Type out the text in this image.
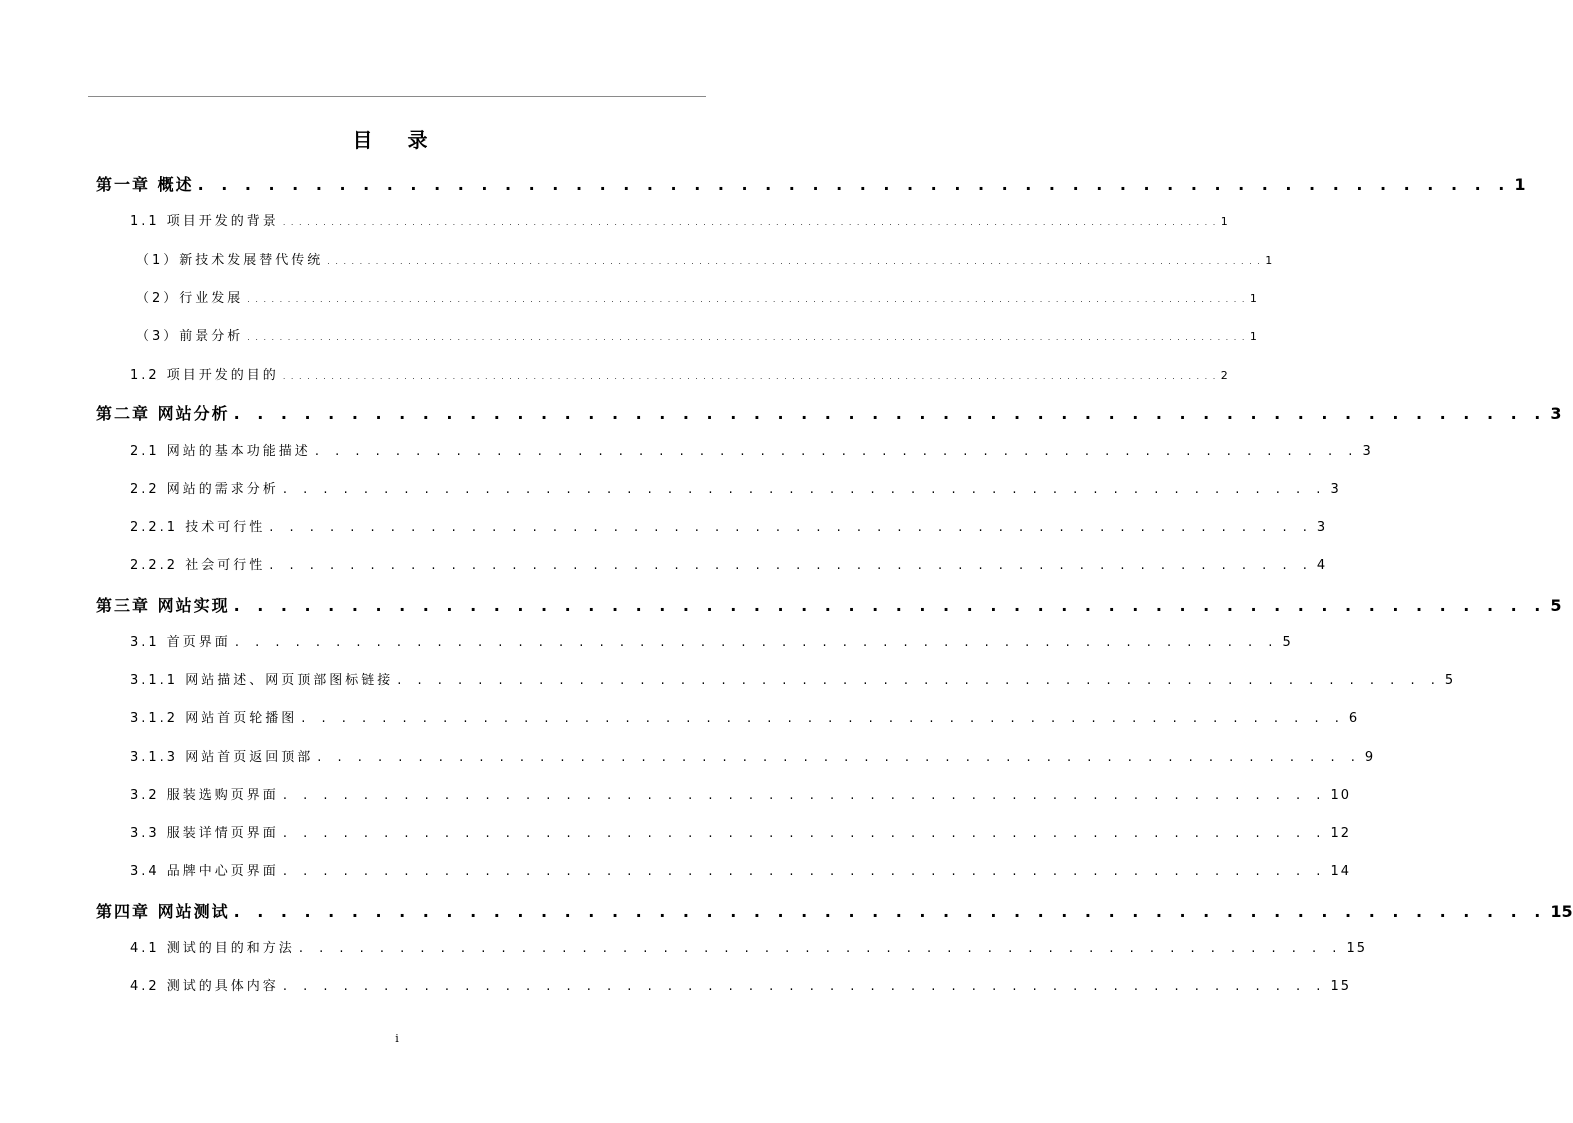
目 录
第一章 概述 . . . . . . . . . . . . . . . . . . . . . . . . . . . . . . . . . . . . . . . . . . . . . . . . . . . . . . . . 1
1.1 项目开发的背景 . . . . . . . . . . . . . . . . . . . . . . . . . . . . . . . . . . . . . . . . . . . . . . . . . . . . . . . . . . . . . . . . . . . . . . . . . . . . . . . . . . . . . . . . . . . . . . . . . . . . . . . . . . . . . . . . . . . . 1
（1）新技术发展替代传统 . . . . . . . . . . . . . . . . . . . . . . . . . . . . . . . . . . . . . . . . . . . . . . . . . . . . . . . . . . . . . . . . . . . . . . . . . . . . . . . . . . . . . . . . . . . . . . . . . . . . . . . . . . . . . . . . . . . . 1
（2）行业发展 . . . . . . . . . . . . . . . . . . . . . . . . . . . . . . . . . . . . . . . . . . . . . . . . . . . . . . . . . . . . . . . . . . . . . . . . . . . . . . . . . . . . . . . . . . . . . . . . . . . . . . . . . . . . . . . . . . . . . . . . . . . . 1
（3）前景分析 . . . . . . . . . . . . . . . . . . . . . . . . . . . . . . . . . . . . . . . . . . . . . . . . . . . . . . . . . . . . . . . . . . . . . . . . . . . . . . . . . . . . . . . . . . . . . . . . . . . . . . . . . . . . . . . . . . . . . . . . . . . . 1
1.2 项目开发的目的 . . . . . . . . . . . . . . . . . . . . . . . . . . . . . . . . . . . . . . . . . . . . . . . . . . . . . . . . . . . . . . . . . . . . . . . . . . . . . . . . . . . . . . . . . . . . . . . . . . . . . . . . . . . . . . . . . . . . 2
第二章 网站分析 . . . . . . . . . . . . . . . . . . . . . . . . . . . . . . . . . . . . . . . . . . . . . . . . . . . . . . . . 3
2.1 网站的基本功能描述 . . . . . . . . . . . . . . . . . . . . . . . . . . . . . . . . . . . . . . . . . . . . . . . . . . . . 3
2.2 网站的需求分析 . . . . . . . . . . . . . . . . . . . . . . . . . . . . . . . . . . . . . . . . . . . . . . . . . . . . 3
2.2.1 技术可行性 . . . . . . . . . . . . . . . . . . . . . . . . . . . . . . . . . . . . . . . . . . . . . . . . . . . . 3
2.2.2 社会可行性 . . . . . . . . . . . . . . . . . . . . . . . . . . . . . . . . . . . . . . . . . . . . . . . . . . . . 4
第三章 网站实现 . . . . . . . . . . . . . . . . . . . . . . . . . . . . . . . . . . . . . . . . . . . . . . . . . . . . . . . . 5
3.1 首页界面 . . . . . . . . . . . . . . . . . . . . . . . . . . . . . . . . . . . . . . . . . . . . . . . . . . . . 5
3.1.1 网站描述、网页顶部图标链接 . . . . . . . . . . . . . . . . . . . . . . . . . . . . . . . . . . . . . . . . . . . . . . . . . . . . 5
3.1.2 网站首页轮播图 . . . . . . . . . . . . . . . . . . . . . . . . . . . . . . . . . . . . . . . . . . . . . . . . . . . . 6
3.1.3 网站首页返回顶部 . . . . . . . . . . . . . . . . . . . . . . . . . . . . . . . . . . . . . . . . . . . . . . . . . . . . 9
3.2 服装选购页界面 . . . . . . . . . . . . . . . . . . . . . . . . . . . . . . . . . . . . . . . . . . . . . . . . . . . . 10
3.3 服装详情页界面 . . . . . . . . . . . . . . . . . . . . . . . . . . . . . . . . . . . . . . . . . . . . . . . . . . . . 12
3.4 品牌中心页界面 . . . . . . . . . . . . . . . . . . . . . . . . . . . . . . . . . . . . . . . . . . . . . . . . . . . . 14
第四章 网站测试 . . . . . . . . . . . . . . . . . . . . . . . . . . . . . . . . . . . . . . . . . . . . . . . . . . . . . . . . 15
4.1 测试的目的和方法 . . . . . . . . . . . . . . . . . . . . . . . . . . . . . . . . . . . . . . . . . . . . . . . . . . . . 15
4.2 测试的具体内容 . . . . . . . . . . . . . . . . . . . . . . . . . . . . . . . . . . . . . . . . . . . . . . . . . . . . 15
i
